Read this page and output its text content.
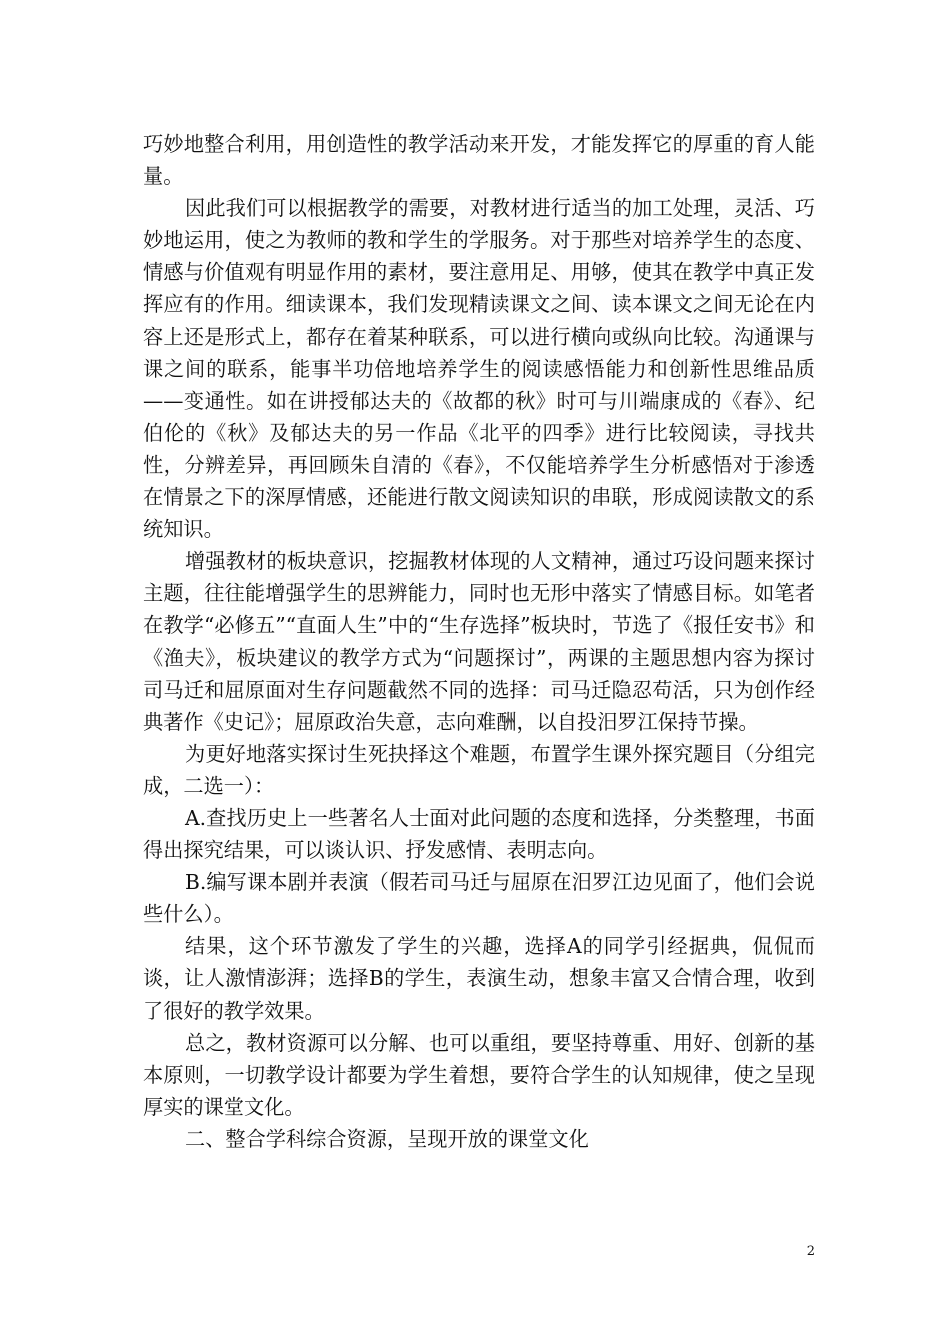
巧妙地整合利用，用创造性的教学活动来开发，才能发挥它的厚重的育人能量。

因此我们可以根据教学的需要，对教材进行适当的加工处理，灵活、巧妙地运用，使之为教师的教和学生的学服务。对于那些对培养学生的态度、情感与价值观有明显作用的素材，要注意用足、用够，使其在教学中真正发挥应有的作用。细读课本，我们发现精读课文之间、读本课文之间无论在内容上还是形式上，都存在着某种联系，可以进行横向或纵向比较。沟通课与课之间的联系，能事半功倍地培养学生的阅读感悟能力和创新性思维品质——变通性。如在讲授郁达夫的《故都的秋》时可与川端康成的《春》、纪伯伦的《秋》及郁达夫的另一作品《北平的四季》进行比较阅读，寻找共性，分辨差异，再回顾朱自清的《春》，不仅能培养学生分析感悟对于渗透在情景之下的深厚情感，还能进行散文阅读知识的串联，形成阅读散文的系统知识。

增强教材的板块意识，挖掘教材体现的人文精神，通过巧设问题来探讨主题，往往能增强学生的思辨能力，同时也无形中落实了情感目标。如笔者在教学“必修五”“直面人生”中的“生存选择”板块时，节选了《报任安书》和《渔夫》，板块建议的教学方式为“问题探讨”，两课的主题思想内容为探讨司马迁和屈原面对生存问题截然不同的选择：司马迁隐忍苟活，只为创作经典著作《史记》；屈原政治失意，志向难酬，以自投汨罗江保持节操。

为更好地落实探讨生死抉择这个难题，布置学生课外探究题目（分组完成，二选一）：

A.查找历史上一些著名人士面对此问题的态度和选择，分类整理，书面得出探究结果，可以谈认识、抒发感情、表明志向。

B.编写课本剧并表演（假若司马迁与屈原在汨罗江边见面了，他们会说些什么）。

结果，这个环节激发了学生的兴趣，选择A的同学引经据典，侃侃而谈，让人激情澎湃；选择B的学生，表演生动，想象丰富又合情合理，收到了很好的教学效果。

总之，教材资源可以分解、也可以重组，要坚持尊重、用好、创新的基本原则，一切教学设计都要为学生着想，要符合学生的认知规律，使之呈现厚实的课堂文化。

二、整合学科综合资源，呈现开放的课堂文化

2
